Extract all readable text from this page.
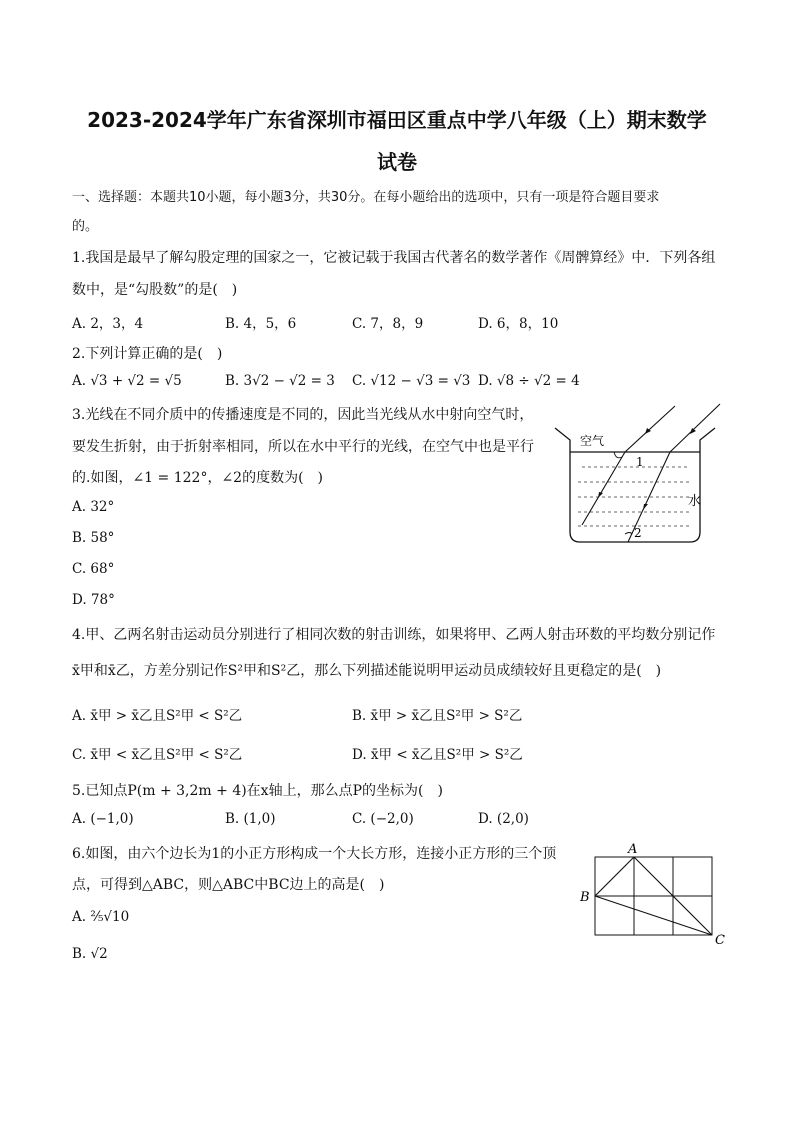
2023-2024学年广东省深圳市福田区重点中学八年级（上）期末数学
试卷
一、选择题：本题共10小题，每小题3分，共30分。在每小题给出的选项中，只有一项是符合题目要求
的。
1.我国是最早了解勾股定理的国家之一，它被记载于我国古代著名的数学著作《周髀算经》中．下列各组
数中，是“勾股数”的是(　)
A. 2，3，4	B. 4，5，6	C. 7，8，9	D. 6，8，10
2.下列计算正确的是(　)
A. √3 + √2 = √5	B. 3√2 − √2 = 3 C. √12 − √3 = √3 D. √8 ÷ √2 = 4
3.光线在不同介质中的传播速度是不同的，因此当光线从水中射向空气时，
要发生折射，由于折射率相同，所以在水中平行的光线，在空气中也是平行
的.如图，∠1 = 122°，∠2的度数为(　)
A. 32°
B. 58°
C. 68°
D. 78°
空气
水
1
2
4.甲、乙两名射击运动员分别进行了相同次数的射击训练，如果将甲、乙两人射击环数的平均数分别记作
x̄甲和x̄乙，方差分别记作S²甲和S²乙，那么下列描述能说明甲运动员成绩较好且更稳定的是(　)
A. x̄甲 > x̄乙且S²甲 < S²乙	B. x̄甲 > x̄乙且S²甲 > S²乙
C. x̄甲 < x̄乙且S²甲 < S²乙	D. x̄甲 < x̄乙且S²甲 > S²乙
5.已知点P(m + 3,2m + 4)在x轴上，那么点P的坐标为(　)
A. (−1,0)	B. (1,0)	C. (−2,0)	D. (2,0)
6.如图，由六个边长为1的小正方形构成一个大长方形，连接小正方形的三个顶
点，可得到△ABC，则△ABC中BC边上的高是(　)
A. ⅖√10
B. √2
A
B
C
